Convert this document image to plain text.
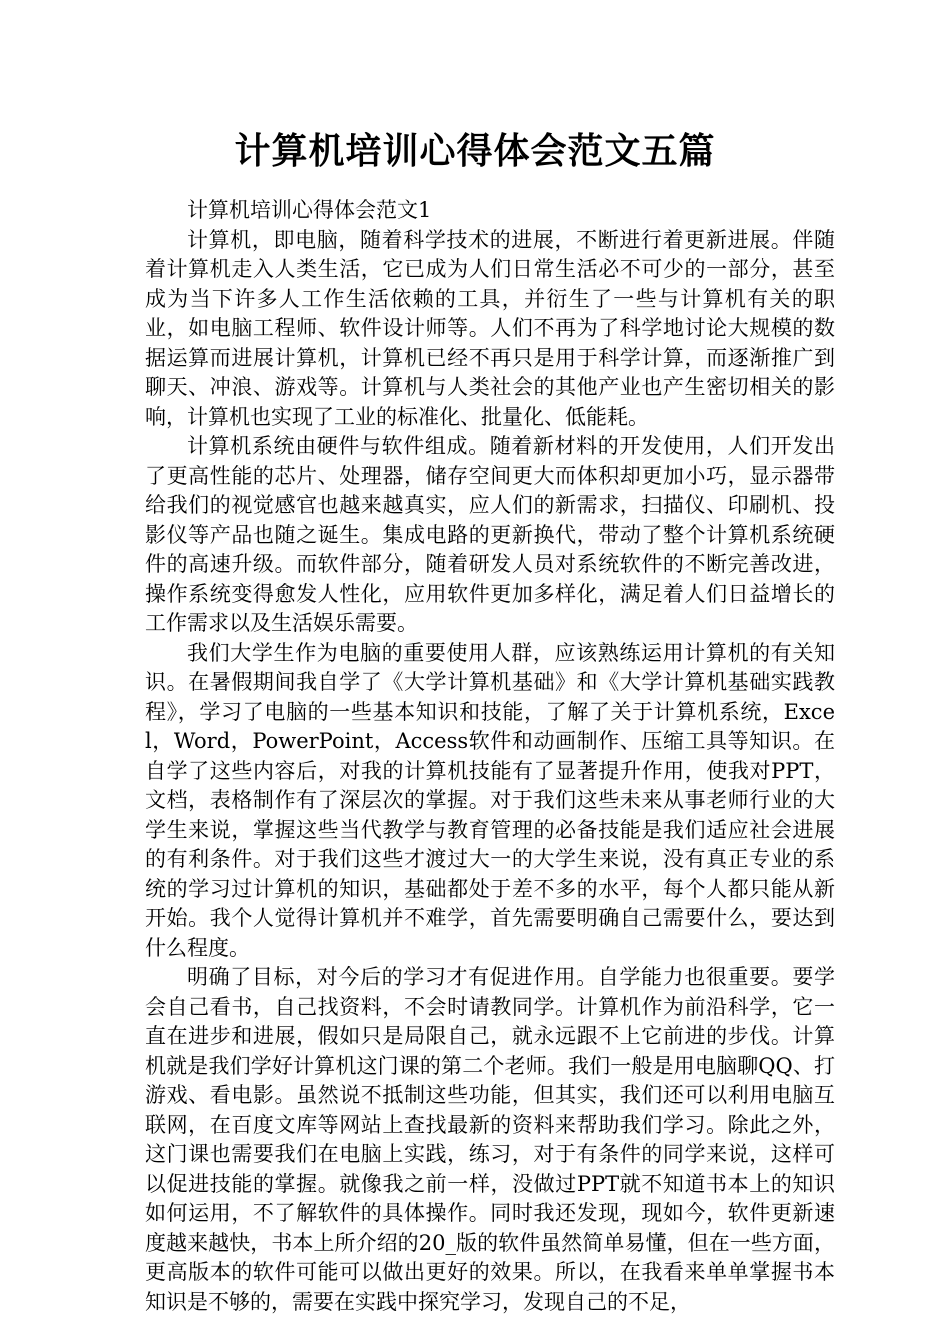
计算机培训心得体会范文五篇

计算机培训心得体会范文1

计算机，即电脑，随着科学技术的进展，不断进行着更新进展。伴随着计算机走入人类生活，它已成为人们日常生活必不可少的一部分，甚至成为当下许多人工作生活依赖的工具，并衍生了一些与计算机有关的职业，如电脑工程师、软件设计师等。人们不再为了科学地讨论大规模的数据运算而进展计算机，计算机已经不再只是用于科学计算，而逐渐推广到聊天、冲浪、游戏等。计算机与人类社会的其他产业也产生密切相关的影响，计算机也实现了工业的标准化、批量化、低能耗。

计算机系统由硬件与软件组成。随着新材料的开发使用，人们开发出了更高性能的芯片、处理器，储存空间更大而体积却更加小巧，显示器带给我们的视觉感官也越来越真实，应人们的新需求，扫描仪、印刷机、投影仪等产品也随之诞生。集成电路的更新换代，带动了整个计算机系统硬件的高速升级。而软件部分，随着研发人员对系统软件的不断完善改进，操作系统变得愈发人性化，应用软件更加多样化，满足着人们日益增长的工作需求以及生活娱乐需要。

我们大学生作为电脑的重要使用人群，应该熟练运用计算机的有关知识。在暑假期间我自学了《大学计算机基础》和《大学计算机基础实践教程》，学习了电脑的一些基本知识和技能，了解了关于计算机系统，Excel，Word，PowerPoint，Access软件和动画制作、压缩工具等知识。在自学了这些内容后，对我的计算机技能有了显著提升作用，使我对PPT，文档，表格制作有了深层次的掌握。对于我们这些未来从事老师行业的大学生来说，掌握这些当代教学与教育管理的必备技能是我们适应社会进展的有利条件。对于我们这些才渡过大一的大学生来说，没有真正专业的系统的学习过计算机的知识，基础都处于差不多的水平，每个人都只能从新开始。我个人觉得计算机并不难学，首先需要明确自己需要什么，要达到什么程度。

明确了目标，对今后的学习才有促进作用。自学能力也很重要。要学会自己看书，自己找资料，不会时请教同学。计算机作为前沿科学，它一直在进步和进展，假如只是局限自己，就永远跟不上它前进的步伐。计算机就是我们学好计算机这门课的第二个老师。我们一般是用电脑聊QQ、打游戏、看电影。虽然说不抵制这些功能，但其实，我们还可以利用电脑互联网，在百度文库等网站上查找最新的资料来帮助我们学习。除此之外，这门课也需要我们在电脑上实践，练习，对于有条件的同学来说，这样可以促进技能的掌握。就像我之前一样，没做过PPT就不知道书本上的知识如何运用，不了解软件的具体操作。同时我还发现，现如今，软件更新速度越来越快，书本上所介绍的20_版的软件虽然简单易懂，但在一些方面，更高版本的软件可能可以做出更好的效果。所以，在我看来单单掌握书本知识是不够的，需要在实践中探究学习，发现自己的不足，
